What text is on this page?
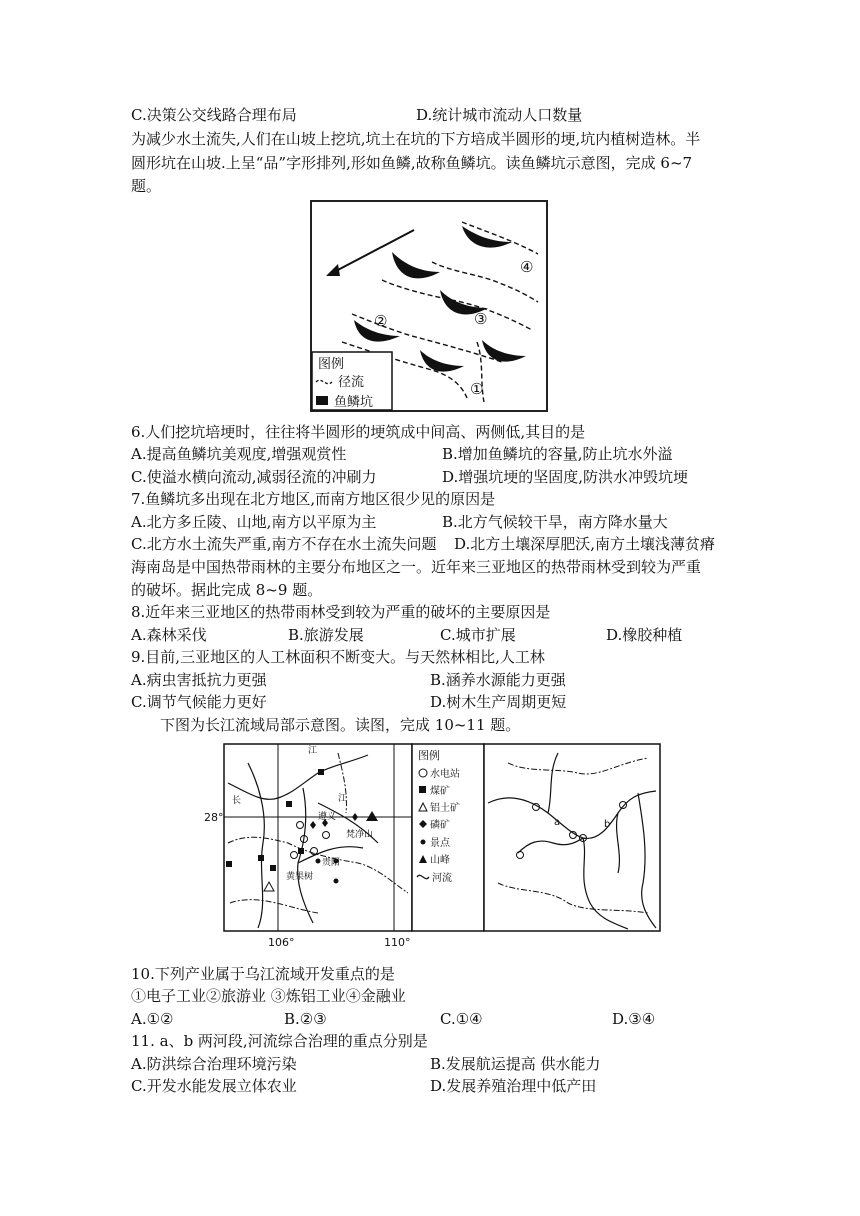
C.决策公交线路合理布局	D.统计城市流动人口数量
为减少水土流失,人们在山坡上挖坑,坑土在坑的下方培成半圆形的埂,坑内植树造林。半
圆形坑在山坡.上呈“品”字形排列,形如鱼鳞,故称鱼鳞坑。读鱼鳞坑示意图，完成 6~7
题。
①
②	③
④
图例
径流
鱼鳞坑
6.人们挖坑培埂时，往往将半圆形的埂筑成中间高、两侧低,其目的是
A.提高鱼鳞坑美观度,增强观赏性	B.增加鱼鳞坑的容量,防止坑水外溢
C.使溢水横向流动,减弱径流的冲刷力	D.增强坑埂的坚固度,防洪水冲毁坑埂
7.鱼鳞坑多出现在北方地区,而南方地区很少见的原因是
A.北方多丘陵、山地,南方以平原为主	B.北方气候较干旱，南方降水量大
C.北方水土流失严重,南方不存在水土流失问题 D.北方土壤深厚肥沃,南方土壤浅薄贫瘠
海南岛是中国热带雨林的主要分布地区之一。近年来三亚地区的热带雨林受到较为严重
的破坏。据此完成 8~9 题。
8.近年来三亚地区的热带雨林受到较为严重的破坏的主要原因是
A.森林采伐	B.旅游发展	C.城市扩展	D.橡胶种植
9.目前,三亚地区的人工林面积不断变大。与天然林相比,人工林
A.病虫害抵抗力更强	B.涵养水源能力更强
C.调节气候能力更好	D.树木生产周期更短
下图为长江流域局部示意图。读图，完成 10~11 题。
江
长
遵义
贵阳
黄果树
江
梵净山
图例
水电站
煤矿
铝土矿
磷矿
景点
山峰
河流
a	b
28°
106°	110°
10.下列产业属于乌江流域开发重点的是
①电子工业②旅游业 ③炼铝工业④金融业
A.①②	B.②③	C.①④	D.③④
11. a、b 两河段,河流综合治理的重点分别是
A.防洪综合治理环境污染	B.发展航运提高 供水能力
C.开发水能发展立体农业	D.发展养殖治理中低产田
